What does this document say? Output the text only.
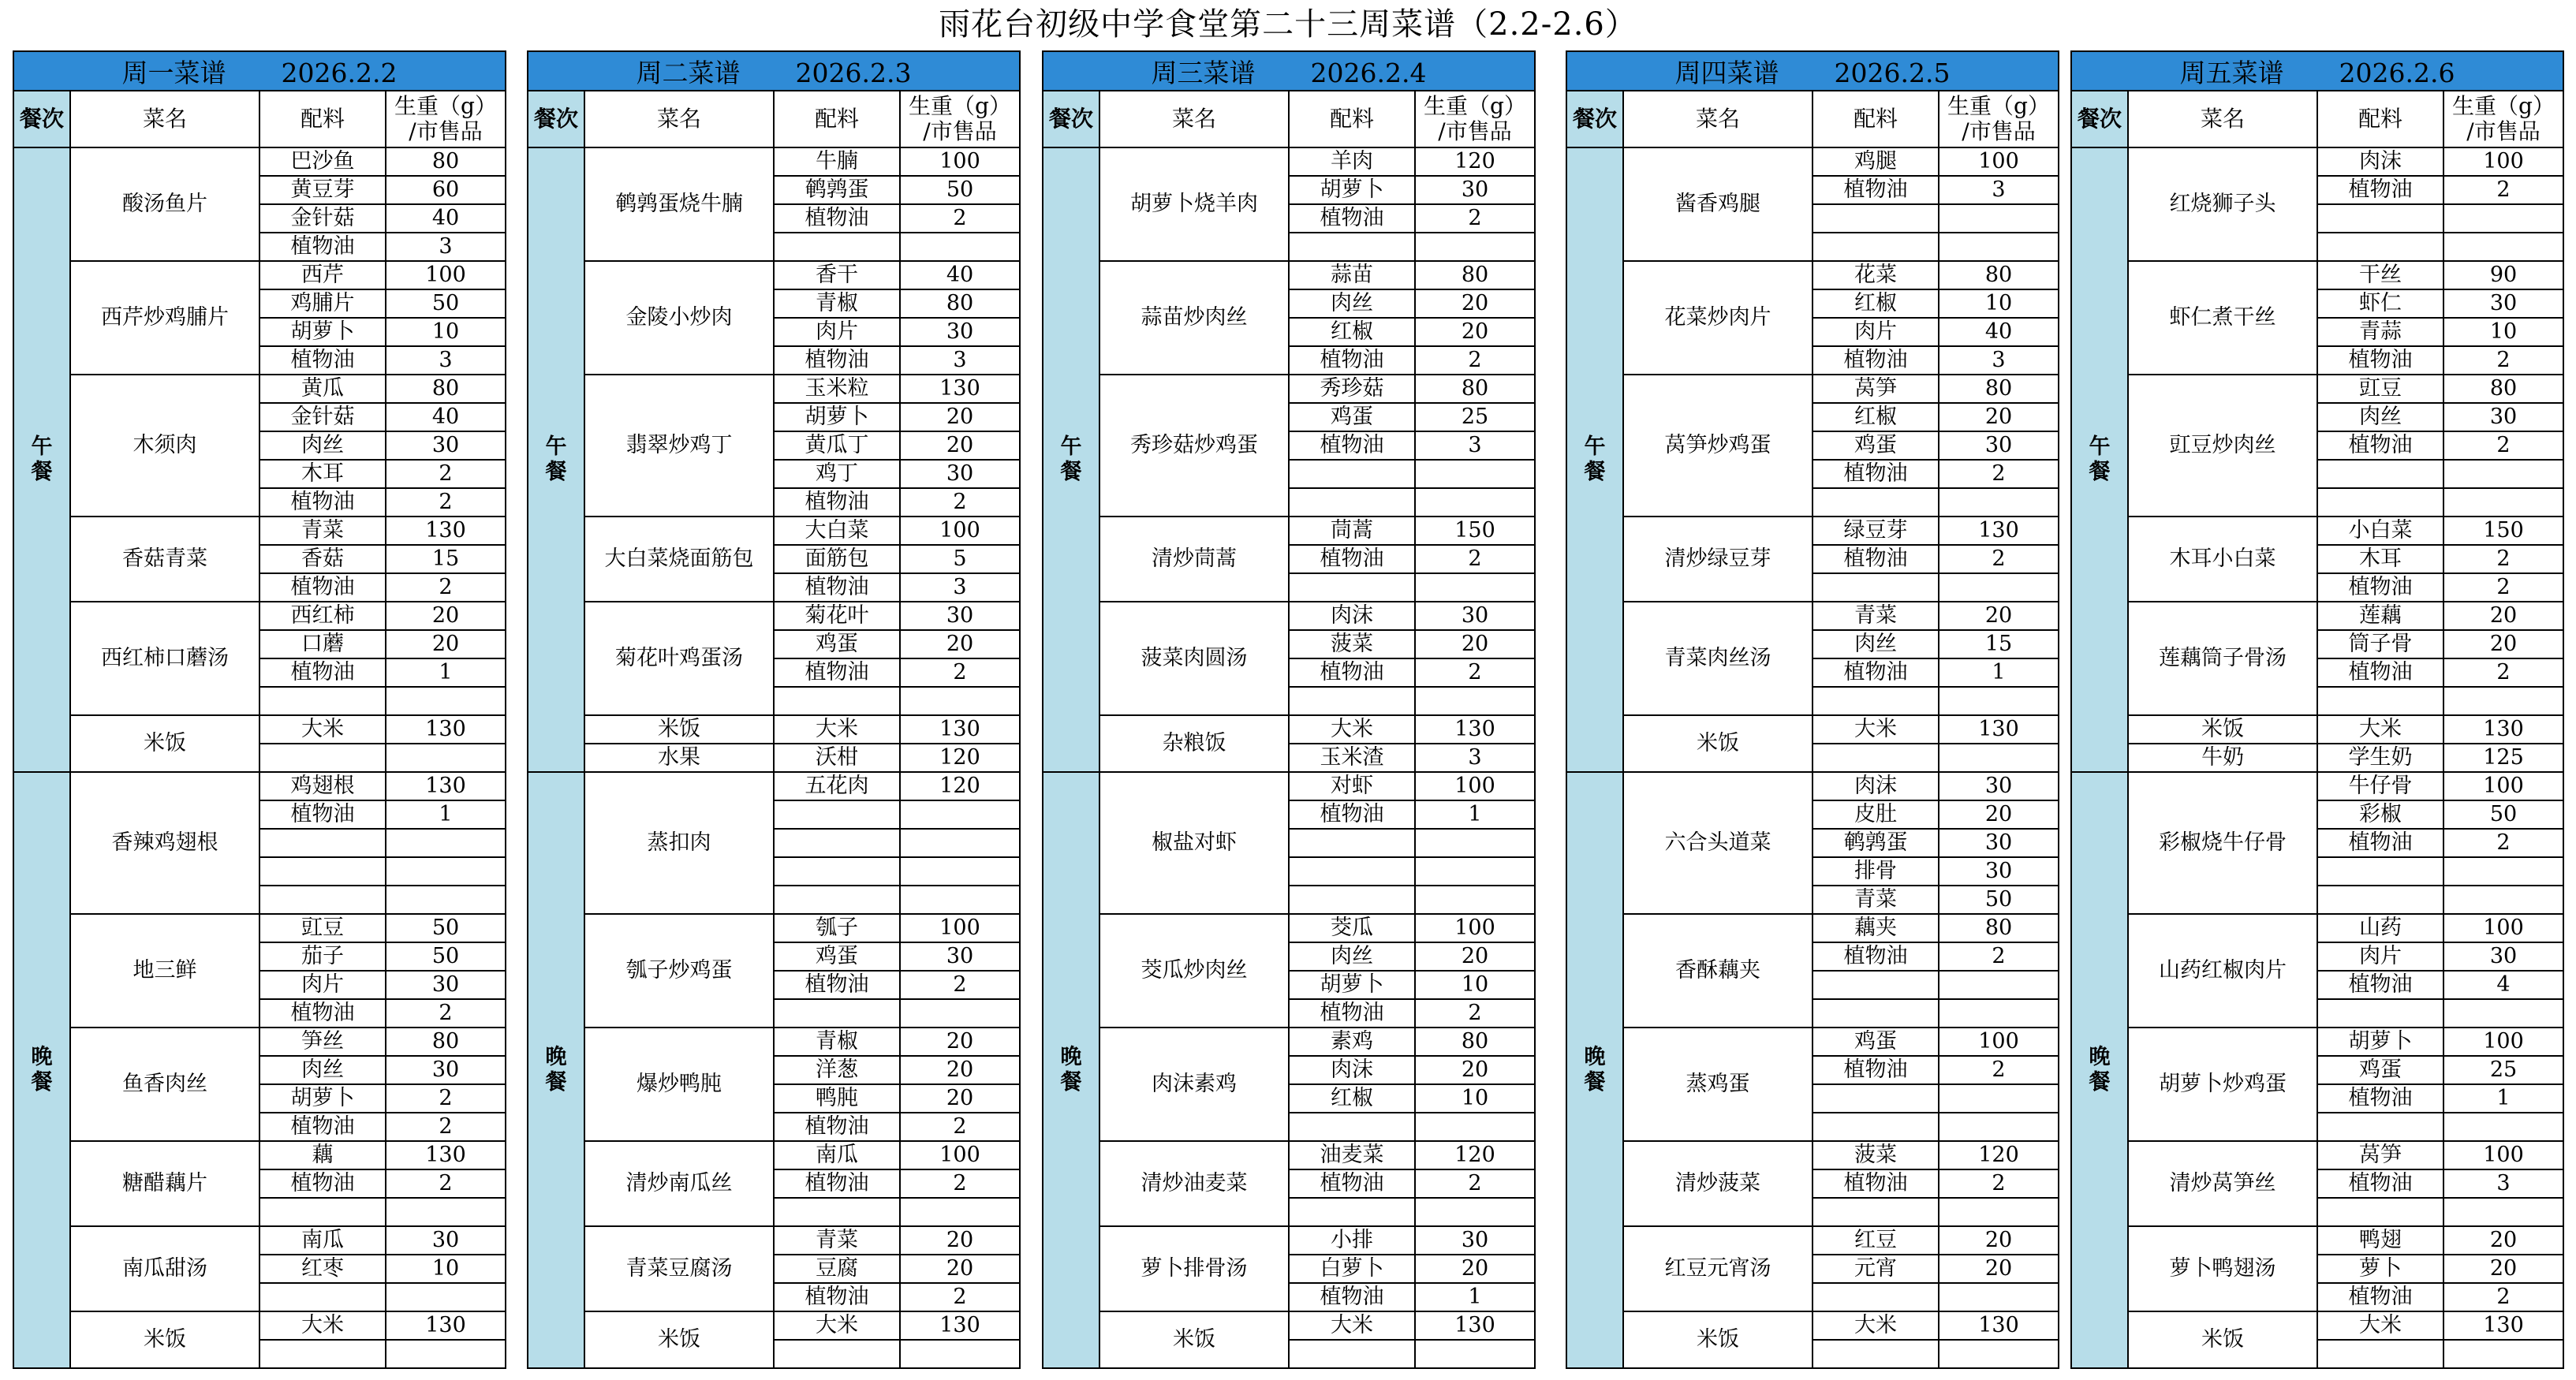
雨花台初级中学食堂第二十三周菜谱（2.2-2.6）
周一菜谱 2026.2.2			
餐次	菜名	配料	生重（g）
/市售品

午
餐	酸汤鱼片	巴沙鱼	80
		黄豆芽	60
		金针菇	40
		植物油	3
	西芹炒鸡脯片	西芹	100
		鸡脯片	50
		胡萝卜	10
		植物油	3
	木须肉	黄瓜	80
		金针菇	40
		肉丝	30
		木耳	2
		植物油	2
	香菇青菜	青菜	130
		香菇	15
		植物油	2
	西红柿口蘑汤	西红柿	20
		口蘑	20
		植物油	1

	米饭	大米	130

晚
餐	香辣鸡翅根	鸡翅根	130
		植物油	1

	地三鲜	豇豆	50
		茄子	50
		肉片	30
		植物油	2
	鱼香肉丝	笋丝	80
		肉丝	30
		胡萝卜	2
		植物油	2
	糖醋藕片	藕	130
		植物油	2

	南瓜甜汤	南瓜	30
		红枣	10

	米饭	大米	130

周二菜谱 2026.2.3			
餐次	菜名	配料	生重（g）
/市售品

午
餐	鹌鹑蛋烧牛腩	牛腩	100
		鹌鹑蛋	50
		植物油	2

	金陵小炒肉	香干	40
		青椒	80
		肉片	30
		植物油	3
	翡翠炒鸡丁	玉米粒	130
		胡萝卜	20
		黄瓜丁	20
		鸡丁	30
		植物油	2
	大白菜烧面筋包	大白菜	100
		面筋包	5
		植物油	3
	菊花叶鸡蛋汤	菊花叶	30
		鸡蛋	20
		植物油	2

	米饭	大米	130
	水果	沃柑	120
晚
餐	蒸扣肉	五花肉	120

	瓠子炒鸡蛋	瓠子	100
		鸡蛋	30
		植物油	2

	爆炒鸭肫	青椒	20
		洋葱	20
		鸭肫	20
		植物油	2
	清炒南瓜丝	南瓜	100
		植物油	2

	青菜豆腐汤	青菜	20
		豆腐	20
		植物油	2
	米饭	大米	130

周三菜谱 2026.2.4			
餐次	菜名	配料	生重（g）
/市售品

午
餐	胡萝卜烧羊肉	羊肉	120
		胡萝卜	30
		植物油	2

	蒜苗炒肉丝	蒜苗	80
		肉丝	20
		红椒	20
		植物油	2
	秀珍菇炒鸡蛋	秀珍菇	80
		鸡蛋	25
		植物油	3

	清炒茼蒿	茼蒿	150
		植物油	2

	菠菜肉圆汤	肉沫	30
		菠菜	20
		植物油	2

	杂粮饭	大米	130
		玉米渣	3
晚
餐	椒盐对虾	对虾	100
		植物油	1

	茭瓜炒肉丝	茭瓜	100
		肉丝	20
		胡萝卜	10
		植物油	2
	肉沫素鸡	素鸡	80
		肉沫	20
		红椒	10

	清炒油麦菜	油麦菜	120
		植物油	2

	萝卜排骨汤	小排	30
		白萝卜	20
		植物油	1
	米饭	大米	130

周四菜谱 2026.2.5			
餐次	菜名	配料	生重（g）
/市售品

午
餐	酱香鸡腿	鸡腿	100
		植物油	3

	花菜炒肉片	花菜	80
		红椒	10
		肉片	40
		植物油	3
	莴笋炒鸡蛋	莴笋	80
		红椒	20
		鸡蛋	30
		植物油	2

	清炒绿豆芽	绿豆芽	130
		植物油	2

	青菜肉丝汤	青菜	20
		肉丝	15
		植物油	1

	米饭	大米	130

晚
餐	六合头道菜	肉沫	30
		皮肚	20
		鹌鹑蛋	30
		排骨	30
		青菜	50
	香酥藕夹	藕夹	80
		植物油	2

	蒸鸡蛋	鸡蛋	100
		植物油	2

	清炒菠菜	菠菜	120
		植物油	2

	红豆元宵汤	红豆	20
		元宵	20

	米饭	大米	130

周五菜谱 2026.2.6			
餐次	菜名	配料	生重（g）
/市售品

午
餐	红烧狮子头	肉沫	100
		植物油	2

	虾仁煮干丝	干丝	90
		虾仁	30
		青蒜	10
		植物油	2
	豇豆炒肉丝	豇豆	80
		肉丝	30
		植物油	2

	木耳小白菜	小白菜	150
		木耳	2
		植物油	2
	莲藕筒子骨汤	莲藕	20
		筒子骨	20
		植物油	2

	米饭	大米	130
	牛奶	学生奶	125
晚
餐	彩椒烧牛仔骨	牛仔骨	100
		彩椒	50
		植物油	2

	山药红椒肉片	山药	100
		肉片	30
		植物油	4

	胡萝卜炒鸡蛋	胡萝卜	100
		鸡蛋	25
		植物油	1

	清炒莴笋丝	莴笋	100
		植物油	3

	萝卜鸭翅汤	鸭翅	20
		萝卜	20
		植物油	2
	米饭	大米	130
